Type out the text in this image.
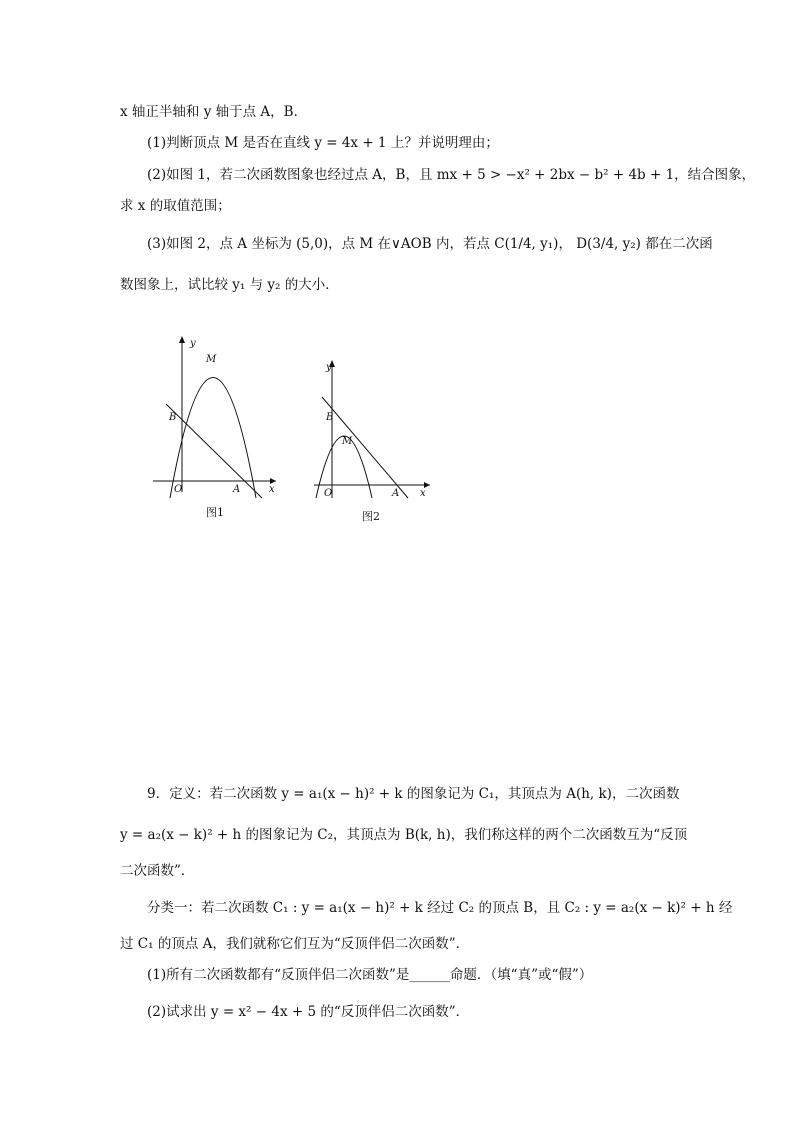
x 轴正半轴和 y 轴于点 A，B．
(1)判断顶点 M 是否在直线 y = 4x + 1 上？并说明理由；
(2)如图 1，若二次函数图象也经过点 A，B，且 mx + 5 > −x² + 2bx − b² + 4b + 1，结合图象，
求 x 的取值范围；
(3)如图 2，点 A 坐标为 (5,0)，点 M 在∨AOB 内，若点 C(1/4, y₁)， D(3/4, y₂) 都在二次函
数图象上，试比较 y₁ 与 y₂ 的大小．
y
x
O	A
B
M
图1
y
x
O	A
B
M
图2
9．定义：若二次函数 y = a₁(x − h)² + k 的图象记为 C₁，其顶点为 A(h, k)，二次函数
y = a₂(x − k)² + h 的图象记为 C₂，其顶点为 B(k, h)，我们称这样的两个二次函数互为“反顶
二次函数”．
分类一：若二次函数 C₁ : y = a₁(x − h)² + k 经过 C₂ 的顶点 B，且 C₂ : y = a₂(x − k)² + h 经
过 C₁ 的顶点 A，我们就称它们互为“反顶伴侣二次函数”．
(1)所有二次函数都有“反顶伴侣二次函数”是______命题．（填“真”或“假”）
(2)试求出 y = x² − 4x + 5 的“反顶伴侣二次函数”．
